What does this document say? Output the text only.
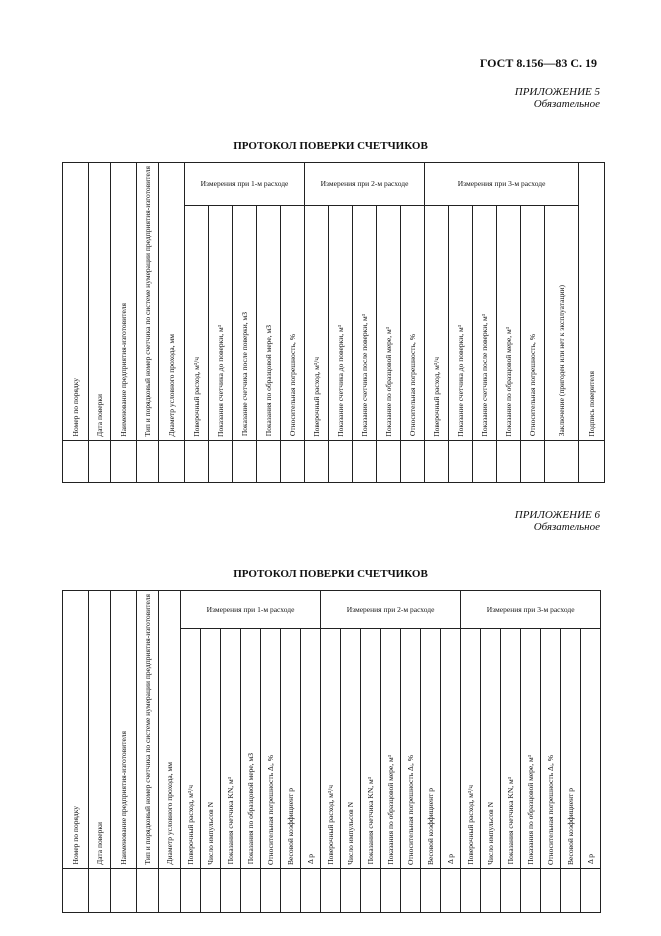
ГОСТ 8.156—83 С. 19
ПРИЛОЖЕНИЕ 5
Обязательное
ПРОТОКОЛ ПОВЕРКИ СЧЕТЧИКОВ
Номер по порядку	Дата поверки	Наименование предприятия-изготовителя	Тип и порядковый номер счетчика по системе нумерации предприятия-изготовителя	Диаметр условного прохода, мм	Измерения при 1-м расходе					Измерения при 2-м расходе					Измерения при 3-м расходе						Подпись поверителя

					Поверочный расход, м³/ч	Показания счетчика до поверки, м³	Показание счетчика после поверки, м3	Показания по образцовой мере, м3	Относительная погрешность, %	Поверочный расход, м³/ч	Показание счетчика до поверки, м³	Показание счетчика после поверки, м³	Показание по образцовой мере, м³	Относительная погрешность, %	Поверочный расход, м³/ч	Показание счетчика до поверки, м³	Показание счетчика после поверки, м³	Показание по образцовой мере, м³	Относительная погрешность, %	Заключение (пригоден или нет к эксплуатации)	

ПРИЛОЖЕНИЕ 6
Обязательное
ПРОТОКОЛ ПОВЕРКИ СЧЕТЧИКОВ
Номер по порядку	Дата поверки	Наименование предприятия-изготовителя	Тип и порядковый номер счетчика по системе нумерации предприятия-изготовителя	Диаметр условного прохода, мм	Измерения при 1-м расходе							Измерения при 2-м расходе							Измерения при 3-м расходе						

					Поверочный расход, м³/ч	Число импульсов N	Показания счетчика KN, м³	Показания по образцовой мере, м3	Относительная погрешность Δᵢ, %	Весовой коэффициент p	Δ p	Поверочный расход, м³/ч	Число импульсов N	Показания счетчика KN, м³	Показания по образцовой мере, м³	Относительная погрешность Δᵢ, %	Весовой коэффициент p	Δ p	Поверочный расход, м³/ч	Число импульсов N	Показания счетчика KN, м³	Показания по образцовой мере, м³	Относительная погрешность Δᵢ, %	Весовой коэффициент p	Δ p
